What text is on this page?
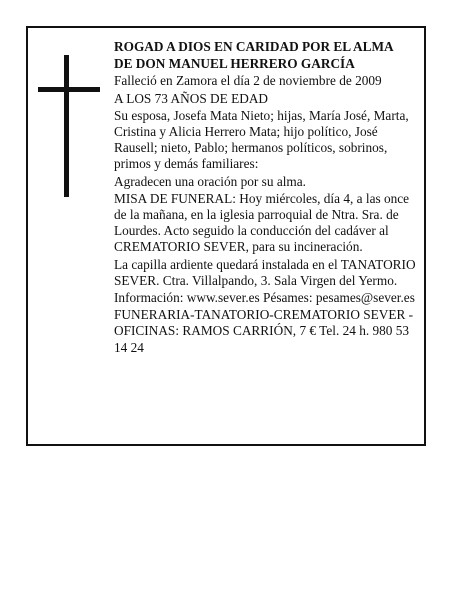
ROGAD A DIOS EN CARIDAD POR EL ALMA

DE DON MANUEL HERRERO GARCÍA

Falleció en Zamora el día 2 de noviembre de 2009

A LOS 73 AÑOS DE EDAD

Su esposa, Josefa Mata Nieto; hijas, María José, Marta, Cristina y Alicia Herrero Mata; hijo político, José Rausell; nieto, Pablo; hermanos políticos, sobrinos, primos y demás familiares:

Agradecen una oración por su alma.

MISA DE FUNERAL: Hoy miércoles, día 4, a las once de la mañana, en la iglesia parroquial de Ntra. Sra. de Lourdes. Acto seguido la conducción del cadáver al CREMATORIO SEVER, para su incineración.

La capilla ardiente quedará instalada en el TANATORIO SEVER. Ctra. Villalpando, 3. Sala Virgen del Yermo.

Información: www.sever.es Pésames: pesames@sever.es

FUNERARIA-TANATORIO-CREMATORIO SEVER - OFICINAS: RAMOS CARRIÓN, 7 € Tel. 24 h. 980 53 14 24
